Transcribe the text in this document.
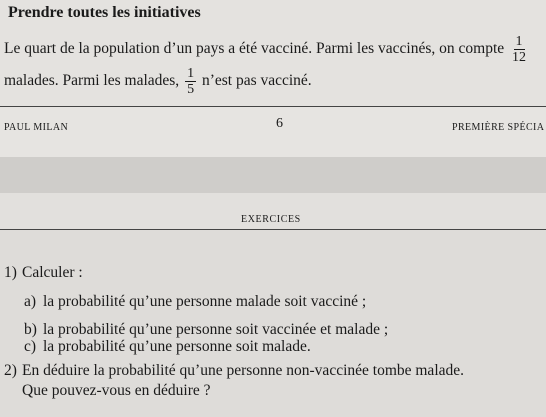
Prendre toutes les initiatives
Le quart de la population d’un pays a été vacciné. Parmi les vaccinés, on compte $\frac{1}{12}$
malades. Parmi les malades, $\frac{1}{5}$ n’est pas vacciné.
PAUL MILAN	6	PREMIÈRE SPÉCIA
EXERCICES
1) Calculer :
a) la probabilité qu’une personne malade soit vacciné ;
b) la probabilité qu’une personne soit vaccinée et malade ;
c) la probabilité qu’une personne soit malade.
2) En déduire la probabilité qu’une personne non-vaccinée tombe malade.
Que pouvez-vous en déduire ?
